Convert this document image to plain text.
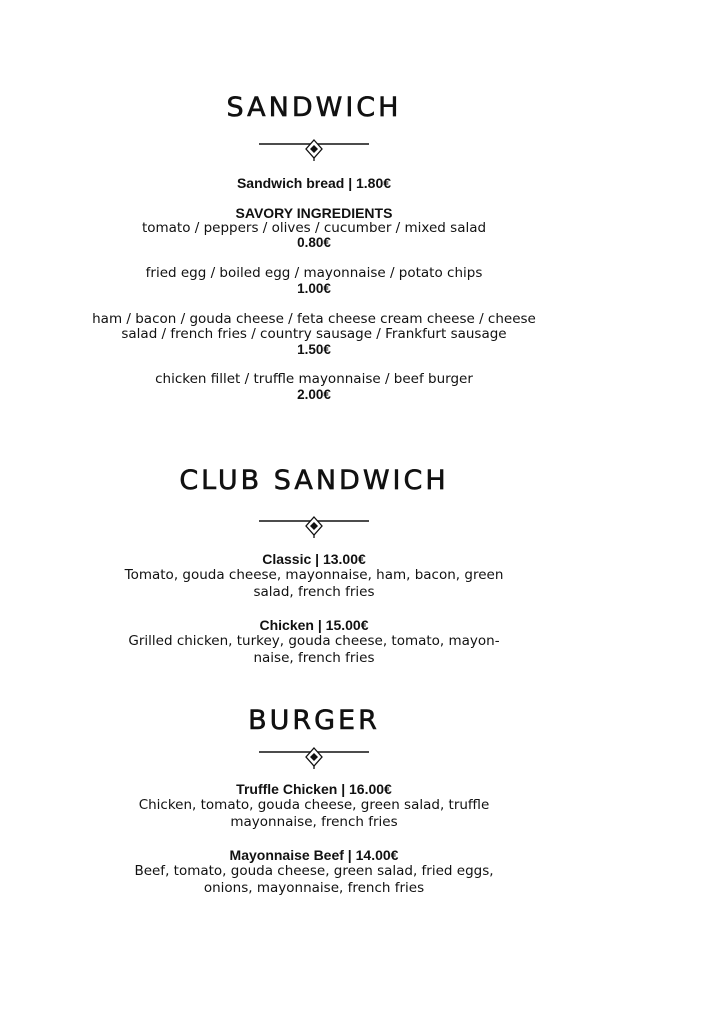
SANDWICH
Sandwich bread | 1.80€
SAVORY INGREDIENTS
tomato / peppers / olives / cucumber / mixed salad
0.80€
fried egg / boiled egg / mayonnaise / potato chips
1.00€
ham / bacon / gouda cheese / feta cheese cream cheese / cheese
salad / french fries / country sausage / Frankfurt sausage
1.50€
chicken fillet / truffle mayonnaise / beef burger
2.00€
CLUB SANDWICH
Classic | 13.00€
Tomato, gouda cheese, mayonnaise, ham, bacon, green
salad, french fries
Chicken | 15.00€
Grilled chicken, turkey, gouda cheese, tomato, mayon-
naise, french fries
BURGER
Truffle Chicken | 16.00€
Chicken, tomato, gouda cheese, green salad, truffle
mayonnaise, french fries
Mayonnaise Beef | 14.00€
Beef, tomato, gouda cheese, green salad, fried eggs,
onions, mayonnaise, french fries
